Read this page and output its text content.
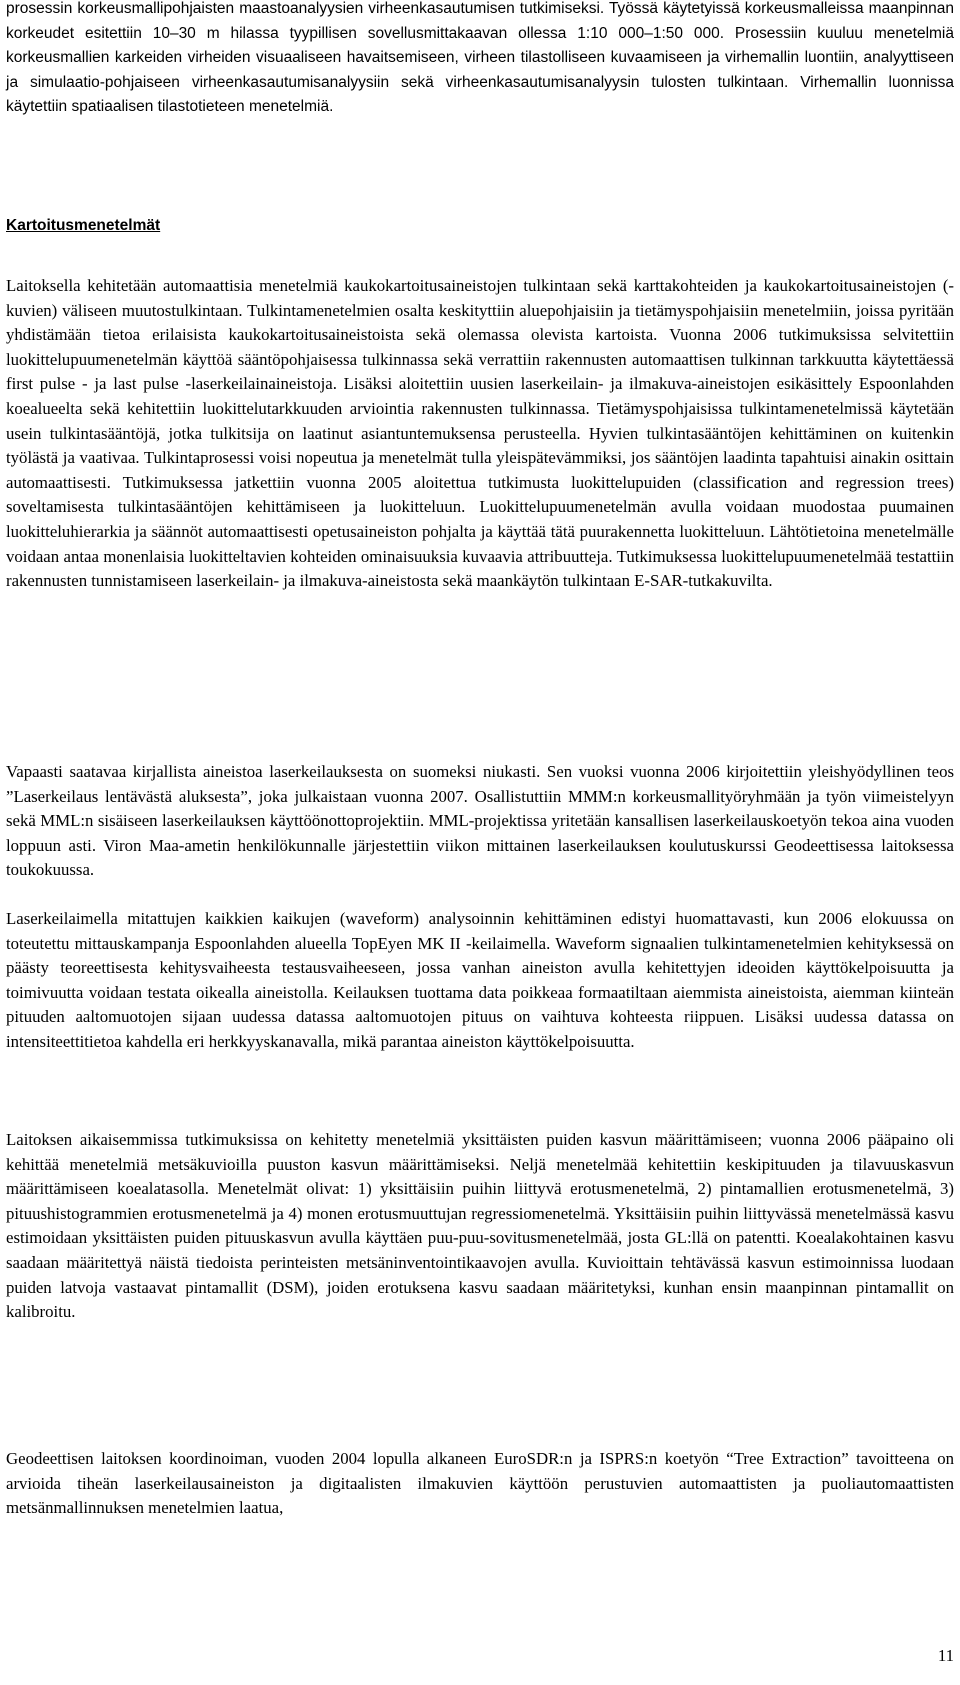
prosessin korkeusmallipohjaisten maastoanalyysien virheenkasautumisen tutkimiseksi. Työssä käytetyissä korkeusmalleissa maanpinnan korkeudet esitettiin 10–30 m hilassa tyypillisen sovellusmittakaavan ollessa 1:10 000–1:50 000. Prosessiin kuuluu menetelmiä korkeusmallien karkeiden virheiden visuaaliseen havaitsemiseen, virheen tilastolliseen kuvaamiseen ja virhemallin luontiin, analyyttiseen ja simulaatio-pohjaiseen virheenkasautumisanalyysiin sekä virheenkasautumisanalyysin tulosten tulkintaan. Virhemallin luonnissa käytettiin spatiaalisen tilastotieteen menetelmiä.

Kartoitusmenetelmät

Laitoksella kehitetään automaattisia menetelmiä kaukokartoitusaineistojen tulkintaan sekä karttakohteiden ja kaukokartoitusaineistojen (-kuvien) väliseen muutostulkintaan. Tulkintamenetelmien osalta keskityttiin aluepohjaisiin ja tietämyspohjaisiin menetelmiin, joissa pyritään yhdistämään tietoa erilaisista kaukokartoitusaineistoista sekä olemassa olevista kartoista. Vuonna 2006 tutkimuksissa selvitettiin luokittelupuumenetelmän käyttöä sääntöpohjaisessa tulkinnassa sekä verrattiin rakennusten automaattisen tulkinnan tarkkuutta käytettäessä first pulse - ja last pulse -laserkeilainaineistoja. Lisäksi aloitettiin uusien laserkeilain- ja ilmakuva-aineistojen esikäsittely Espoonlahden koealueelta sekä kehitettiin luokittelutarkkuuden arviointia rakennusten tulkinnassa. Tietämyspohjaisissa tulkintamenetelmissä käytetään usein tulkintasääntöjä, jotka tulkitsija on laatinut asiantuntemuksensa perusteella. Hyvien tulkintasääntöjen kehittäminen on kuitenkin työlästä ja vaativaa. Tulkintaprosessi voisi nopeutua ja menetelmät tulla yleispätevämmiksi, jos sääntöjen laadinta tapahtuisi ainakin osittain automaattisesti. Tutkimuksessa jatkettiin vuonna 2005 aloitettua tutkimusta luokittelupuiden (classification and regression trees) soveltamisesta tulkintasääntöjen kehittämiseen ja luokitteluun. Luokittelupuumenetelmän avulla voidaan muodostaa puumainen luokitteluhierarkia ja säännöt automaattisesti opetusaineiston pohjalta ja käyttää tätä puurakennetta luokitteluun. Lähtötietoina menetelmälle voidaan antaa monenlaisia luokitteltavien kohteiden ominaisuuksia kuvaavia attribuutteja. Tutkimuksessa luokittelupuumenetelmää testattiin rakennusten tunnistamiseen laserkeilain- ja ilmakuva-aineistosta sekä maankäytön tulkintaan E-SAR-tutkakuvilta.

Vapaasti saatavaa kirjallista aineistoa laserkeilauksesta on suomeksi niukasti. Sen vuoksi vuonna 2006 kirjoitettiin yleishyödyllinen teos ”Laserkeilaus lentävästä aluksesta”, joka julkaistaan vuonna 2007. Osallistuttiin MMM:n korkeusmallityöryhmään ja työn viimeistelyyn sekä MML:n sisäiseen laserkeilauksen käyttöönottoprojektiin. MML-projektissa yritetään kansallisen laserkeilauskoetyön tekoa aina vuoden loppuun asti. Viron Maa-ametin henkilökunnalle järjestettiin viikon mittainen laserkeilauksen koulutuskurssi Geodeettisessa laitoksessa toukokuussa.

Laserkeilaimella mitattujen kaikkien kaikujen (waveform) analysoinnin kehittäminen edistyi huomattavasti, kun 2006 elokuussa on toteutettu mittauskampanja Espoonlahden alueella TopEyen MK II -keilaimella. Waveform signaalien tulkintamenetelmien kehityksessä on päästy teoreettisesta kehitysvaiheesta testausvaiheeseen, jossa vanhan aineiston avulla kehitettyjen ideoiden käyttökelpoisuutta ja toimivuutta voidaan testata oikealla aineistolla. Keilauksen tuottama data poikkeaa formaatiltaan aiemmista aineistoista, aiemman kiinteän pituuden aaltomuotojen sijaan uudessa datassa aaltomuotojen pituus on vaihtuva kohteesta riippuen. Lisäksi uudessa datassa on intensiteettitietoa kahdella eri herkkyyskanavalla, mikä parantaa aineiston käyttökelpoisuutta.

Laitoksen aikaisemmissa tutkimuksissa on kehitetty menetelmiä yksittäisten puiden kasvun määrittämiseen; vuonna 2006 pääpaino oli kehittää menetelmiä metsäkuvioilla puuston kasvun määrittämiseksi. Neljä menetelmää kehitettiin keskipituuden ja tilavuuskasvun määrittämiseen koealatasolla. Menetelmät olivat: 1) yksittäisiin puihin liittyvä erotusmenetelmä, 2) pintamallien erotusmenetelmä, 3) pituushistogrammien erotusmenetelmä ja 4) monen erotusmuuttujan regressiomenetelmä. Yksittäisiin puihin liittyvässä menetelmässä kasvu estimoidaan yksittäisten puiden pituuskasvun avulla käyttäen puu-puu-sovitusmenetelmää, josta GL:llä on patentti. Koealakohtainen kasvu saadaan määritettyä näistä tiedoista perinteisten metsäninventointikaavojen avulla. Kuvioittain tehtävässä kasvun estimoinnissa luodaan puiden latvoja vastaavat pintamallit (DSM), joiden erotuksena kasvu saadaan määritetyksi, kunhan ensin maanpinnan pintamallit on kalibroitu.

Geodeettisen laitoksen koordinoiman, vuoden 2004 lopulla alkaneen EuroSDR:n ja ISPRS:n koetyön “Tree Extraction” tavoitteena on arvioida tiheän laserkeilausaineiston ja digitaalisten ilmakuvien käyttöön perustuvien automaattisten ja puoliautomaattisten metsänmallinnuksen menetelmien laatua,

11
